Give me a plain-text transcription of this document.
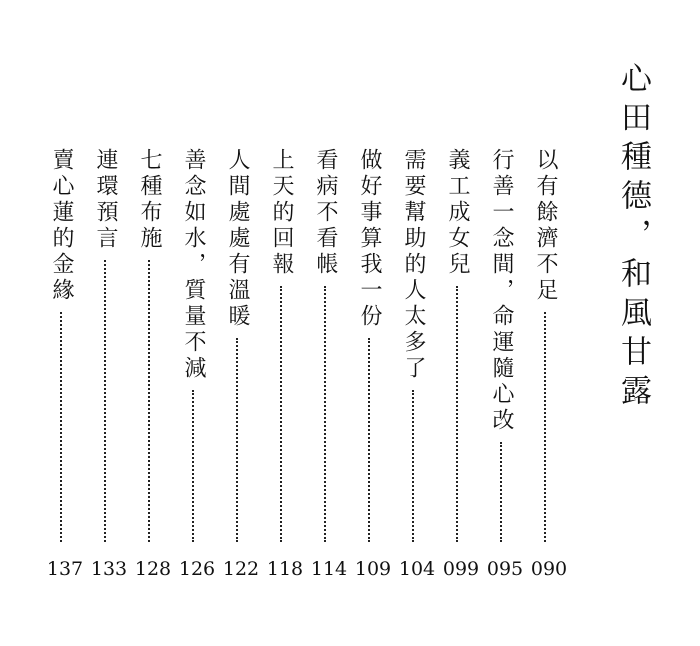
心田種德，和風甘露
以有餘濟不足
090
行善一念間，命運隨心改
095
義工成女兒
099
需要幫助的人太多了
104
做好事算我一份
109
看病不看帳
114
上天的回報
118
人間處處有溫暖
122
善念如水，質量不減
126
七種布施
128
連環預言
133
賣心蓮的金緣
137
